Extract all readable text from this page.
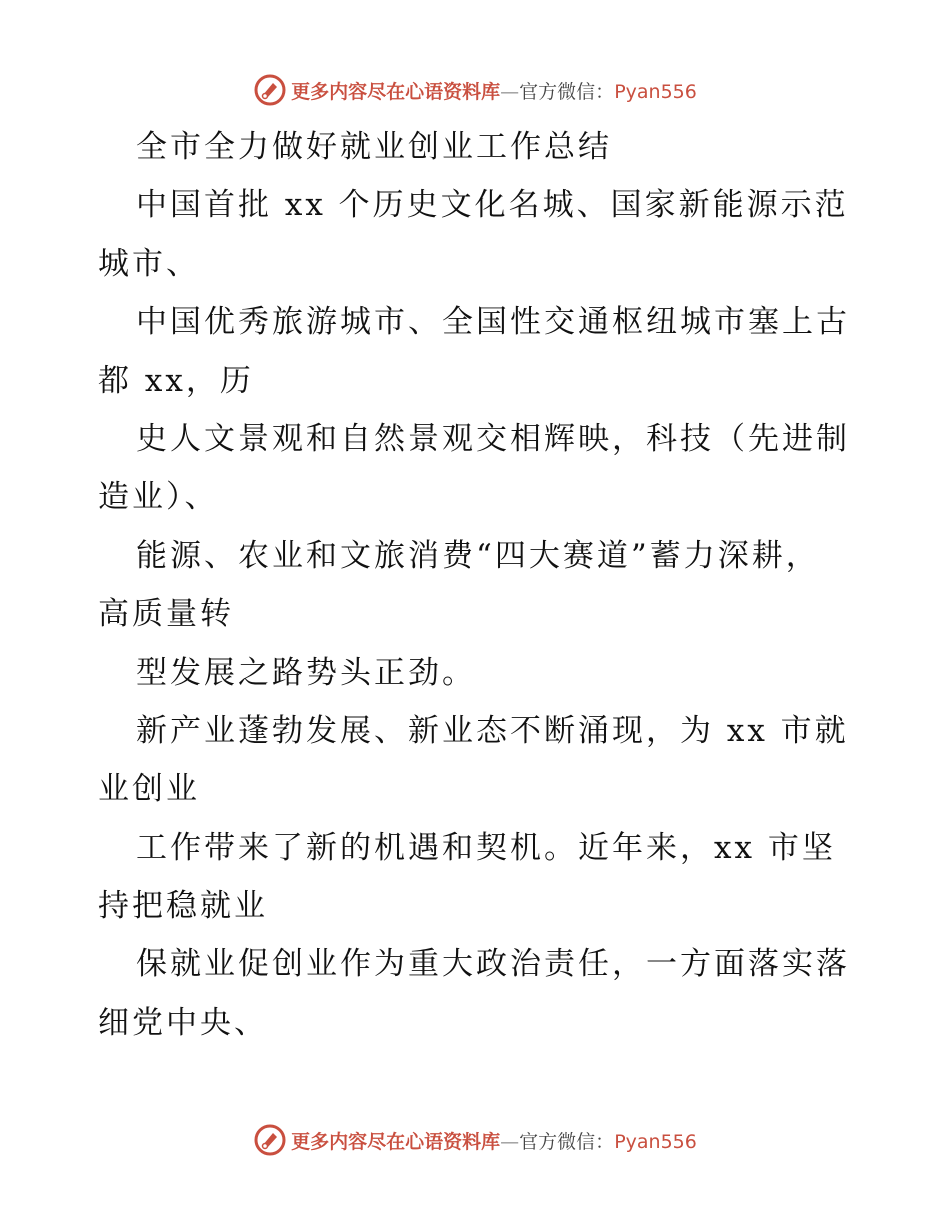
更多内容尽在心语资料库—官方微信：Pyan556
全市全力做好就业创业工作总结
中国首批 xx 个历史文化名城、国家新能源示范
城市、
中国优秀旅游城市、全国性交通枢纽城市塞上古
都 xx，历
史人文景观和自然景观交相辉映，科技（先进制
造业）、
能源、农业和文旅消费“四大赛道”蓄力深耕，
高质量转
型发展之路势头正劲。
新产业蓬勃发展、新业态不断涌现，为 xx 市就
业创业
工作带来了新的机遇和契机。近年来，xx 市坚
持把稳就业
保就业促创业作为重大政治责任，一方面落实落
细党中央、
更多内容尽在心语资料库—官方微信：Pyan556
